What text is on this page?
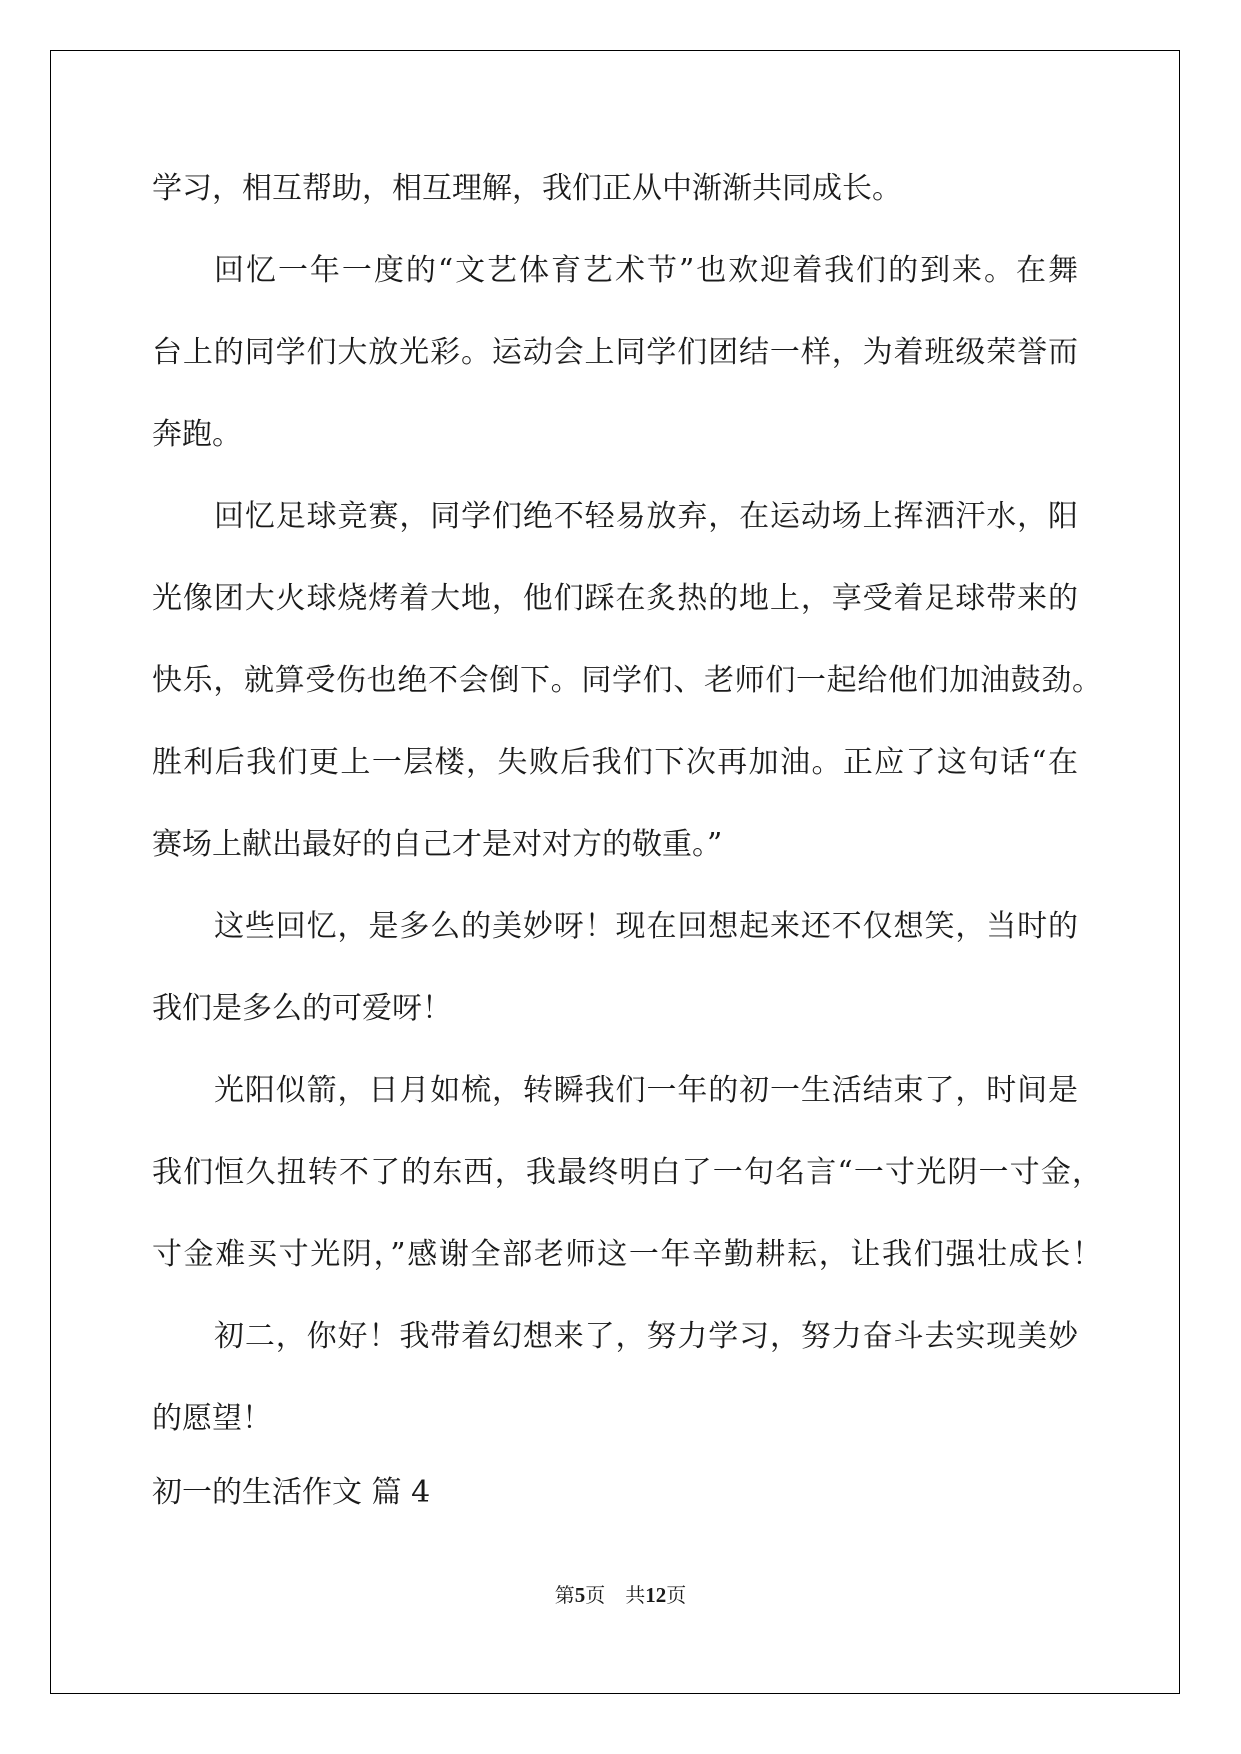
学习，相互帮助，相互理解，我们正从中渐渐共同成长。
回忆一年一度的“文艺体育艺术节”也欢迎着我们的到来。在舞
台上的同学们大放光彩。运动会上同学们团结一样，为着班级荣誉而
奔跑。
回忆足球竞赛，同学们绝不轻易放弃，在运动场上挥洒汗水，阳
光像团大火球烧烤着大地，他们踩在炙热的地上，享受着足球带来的
快乐，就算受伤也绝不会倒下。同学们、老师们一起给他们加油鼓劲。
胜利后我们更上一层楼，失败后我们下次再加油。正应了这句话“在
赛场上献出最好的自己才是对对方的敬重。”
这些回忆，是多么的美妙呀！现在回想起来还不仅想笑，当时的
我们是多么的可爱呀！
光阳似箭，日月如梳，转瞬我们一年的初一生活结束了，时间是
我们恒久扭转不了的东西，我最终明白了一句名言“一寸光阴一寸金，
寸金难买寸光阴，”感谢全部老师这一年辛勤耕耘，让我们强壮成长！
初二，你好！我带着幻想来了，努力学习，努力奋斗去实现美妙
的愿望！
初一的生活作文 篇 4
第5页　共12页
